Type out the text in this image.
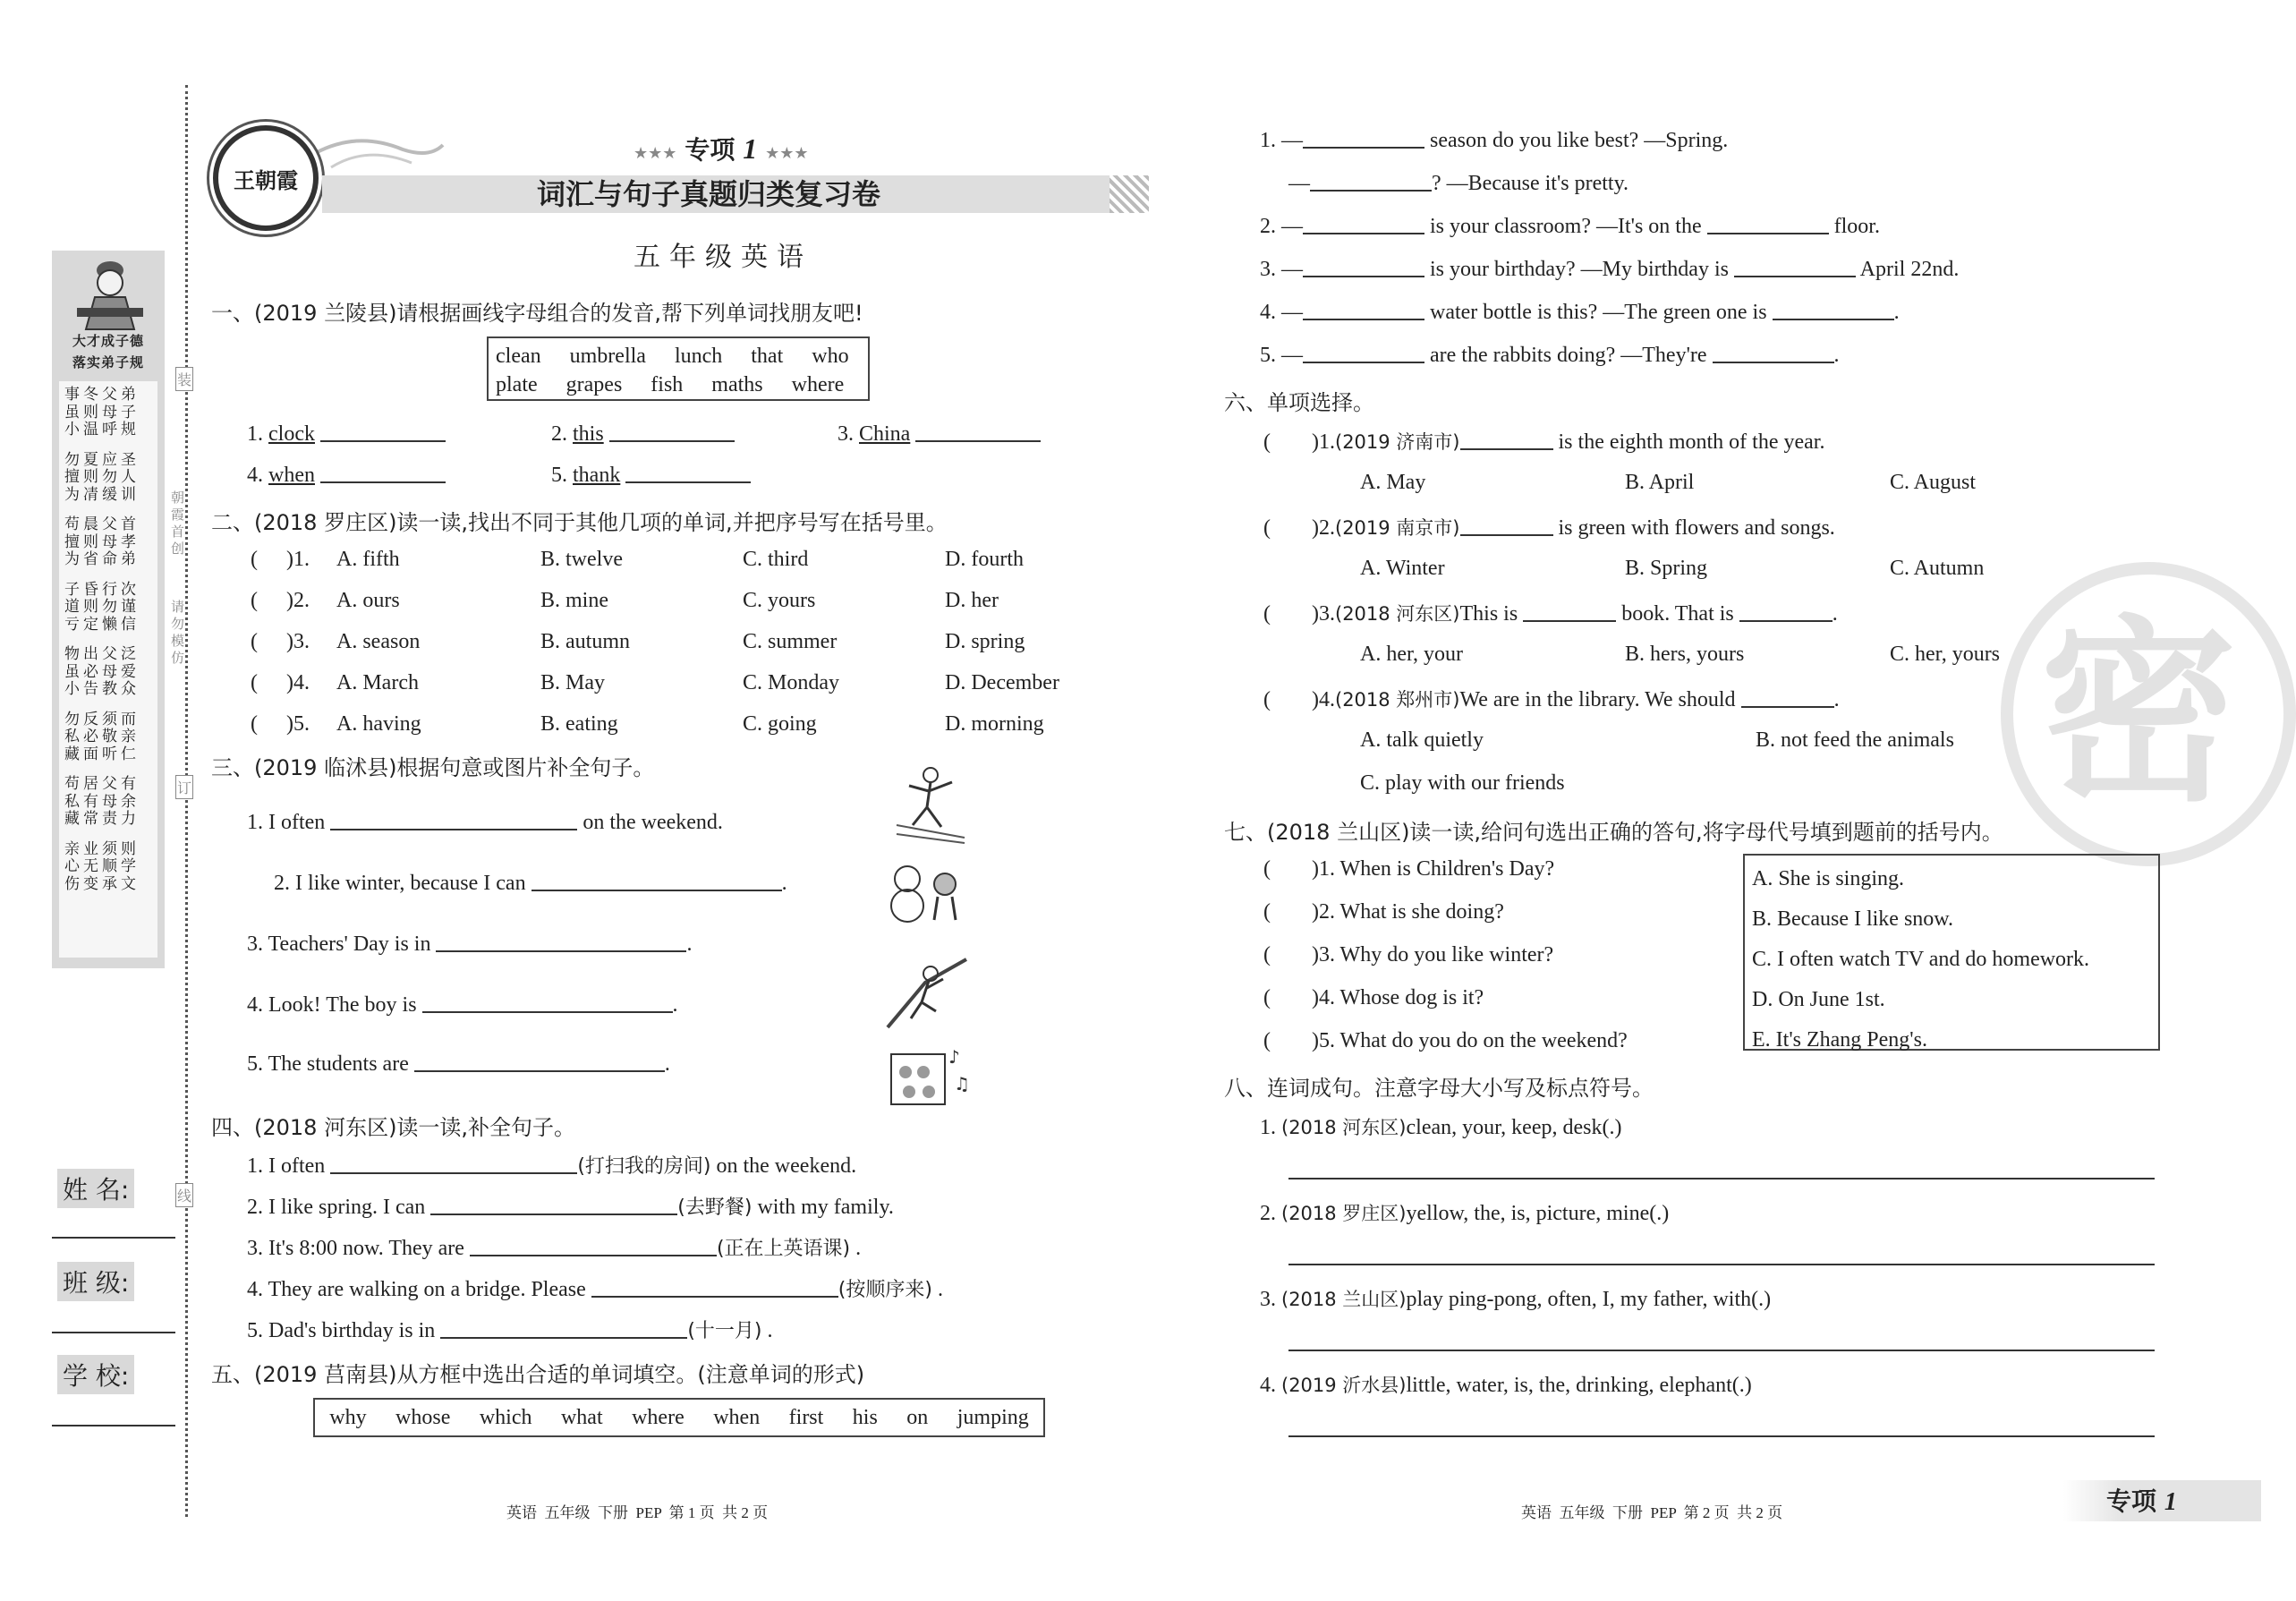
大才成子德
落实弟子规
事冬父弟
虽则母子
小温呼规
勿夏应圣
擅则勿人
为凊缓训
苟晨父首
擅则母孝
为省命弟
子昏行次
道则勿谨
亏定懒信
物出父泛
虽必母爱
小告教众
勿反须而
私必敬亲
藏面听仁
苟居父有
私有母余
藏常责力
亲业须则
心无顺学
伤变承文
装
订
线
朝霞首创
请勿模仿
姓 名:
班 级:
学 校:
王朝霞
★★★ 专项 1 ★★★
词汇与句子真题归类复习卷
五年级英语
一、(2019 兰陵县)请根据画线字母组合的发音,帮下列单词找朋友吧!
clean umbrella lunch that who
plate grapes fish maths where
1. clock	2. this	3. China
4. when	5. thank
二、(2018 罗庄区)读一读,找出不同于其他几项的单词,并把序号写在括号里。
( )1. A. fifth	B. twelve	C. third	D. fourth
( )2. A. ours	B. mine	C. yours	D. her
( )3. A. season	B. autumn	C. summer	D. spring
( )4. A. March	B. May	C. Monday	D. December
( )5. A. having	B. eating	C. going	D. morning
三、(2019 临沭县)根据句意或图片补全句子。
1. I often	on the weekend.
2. I like winter, because I can	.
3. Teachers' Day is in	.
4. Look! The boy is	.
5. The students are	.	♪
♫
四、(2018 河东区)读一读,补全句子。
1. I often	(打扫我的房间) on the weekend.
2. I like spring. I can	(去野餐) with my family.
3. It's 8:00 now. They are	(正在上英语课) .
4. They are walking on a bridge. Please	(按顺序来) .
5. Dad's birthday is in	(十一月) .
五、(2019 莒南县)从方框中选出合适的单词填空。(注意单词的形式)
why whose which what where when first his on jumping
英语  五年级  下册  PEP  第 1 页  共 2 页
密
1. —	season do you like best? —Spring.
—	? —Because it's pretty.
2. —	is your classroom? —It's on the	floor.
3. —	is your birthday? —My birthday is	April 22nd.
4. —	water bottle is this? —The green one is	.
5. —	are the rabbits doing? —They're	.
六、单项选择。
( )1.(2019 济南市)	is the eighth month of the year.
A. May	B. April	C. August
( )2.(2019 南京市)	is green with flowers and songs.
A. Winter	B. Spring	C. Autumn
( )3.(2018 河东区)This is	book. That is	.
A. her, your	B. hers, yours	C. her, yours
( )4.(2018 郑州市)We are in the library. We should	.
A. talk quietly	B. not feed the animals
C. play with our friends
七、(2018 兰山区)读一读,给问句选出正确的答句,将字母代号填到题前的括号内。
( )1. When is Children's Day?
( )2. What is she doing?
( )3. Why do you like winter?
( )4. Whose dog is it?
( )5. What do you do on the weekend?
A. She is singing.
B. Because I like snow.
C. I often watch TV and do homework.
D. On June 1st.
E. It's Zhang Peng's.
八、连词成句。注意字母大小写及标点符号。
1. (2018 河东区)clean, your, keep, desk(.)
2. (2018 罗庄区)yellow, the, is, picture, mine(.)
3. (2018 兰山区)play ping-pong, often, I, my father, with(.)
4. (2019 沂水县)little, water, is, the, drinking, elephant(.)
英语  五年级  下册  PEP  第 2 页  共 2 页	专项 1
